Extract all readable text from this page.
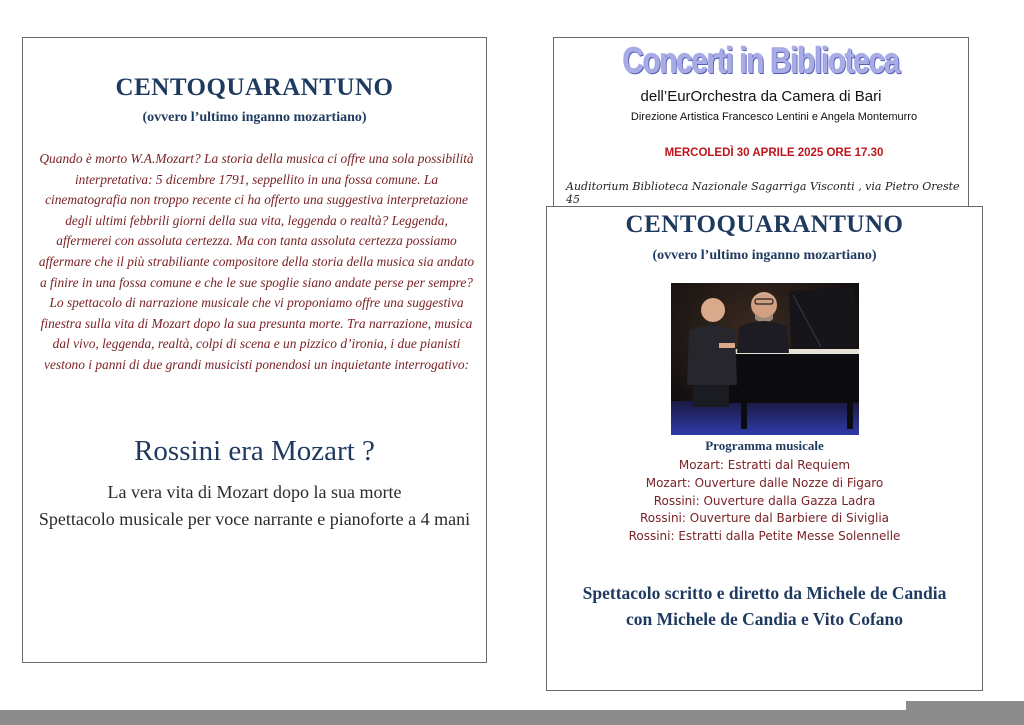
CENTOQUARANTUNO
(ovvero l’ultimo inganno mozartiano)

Quando è morto W.A.Mozart? La storia della musica ci offre una sola possibilità interpretativa: 5 dicembre 1791, seppellito in una fossa comune. La cinematografia non troppo recente ci ha offerto una suggestiva interpretazione degli ultimi febbrili giorni della sua vita, leggenda o realtà? Leggenda, affermerei con assoluta certezza. Ma con tanta assoluta certezza possiamo affermare che il più strabiliante compositore della storia della musica sia andato a finire in una fossa comune e che le sue spoglie siano andate perse per sempre? Lo spettacolo di narrazione musicale che vi proponiamo offre una suggestiva finestra sulla vita di Mozart dopo la sua presunta morte. Tra narrazione, musica dal vivo, leggenda, realtà, colpi di scena e un pizzico d’ironia, i due pianisti vestono i panni di due grandi musicisti ponendosi un inquietante interrogativo:

Rossini era Mozart ?
La vera vita di Mozart dopo la sua morte
Spettacolo musicale per voce narrante e pianoforte a 4 mani
Concerti in Biblioteca
dell’EurOrchestra da Camera di Bari
Direzione Artistica Francesco Lentini e Angela Montemurro
MERCOLEDÌ 30 APRILE 2025 ORE 17.30
Auditorium Biblioteca Nazionale Sagarriga Visconti , via Pietro Oreste 45
CENTOQUARANTUNO
(ovvero l’ultimo inganno mozartiano)
Programma musicale
Mozart: Estratti dal Requiem
Mozart: Ouverture dalle Nozze di Figaro
Rossini: Ouverture dalla Gazza Ladra
Rossini: Ouverture dal Barbiere di Siviglia
Rossini: Estratti dalla Petite Messe Solennelle
Spettacolo scritto e diretto da Michele de Candia
con Michele de Candia e Vito Cofano
